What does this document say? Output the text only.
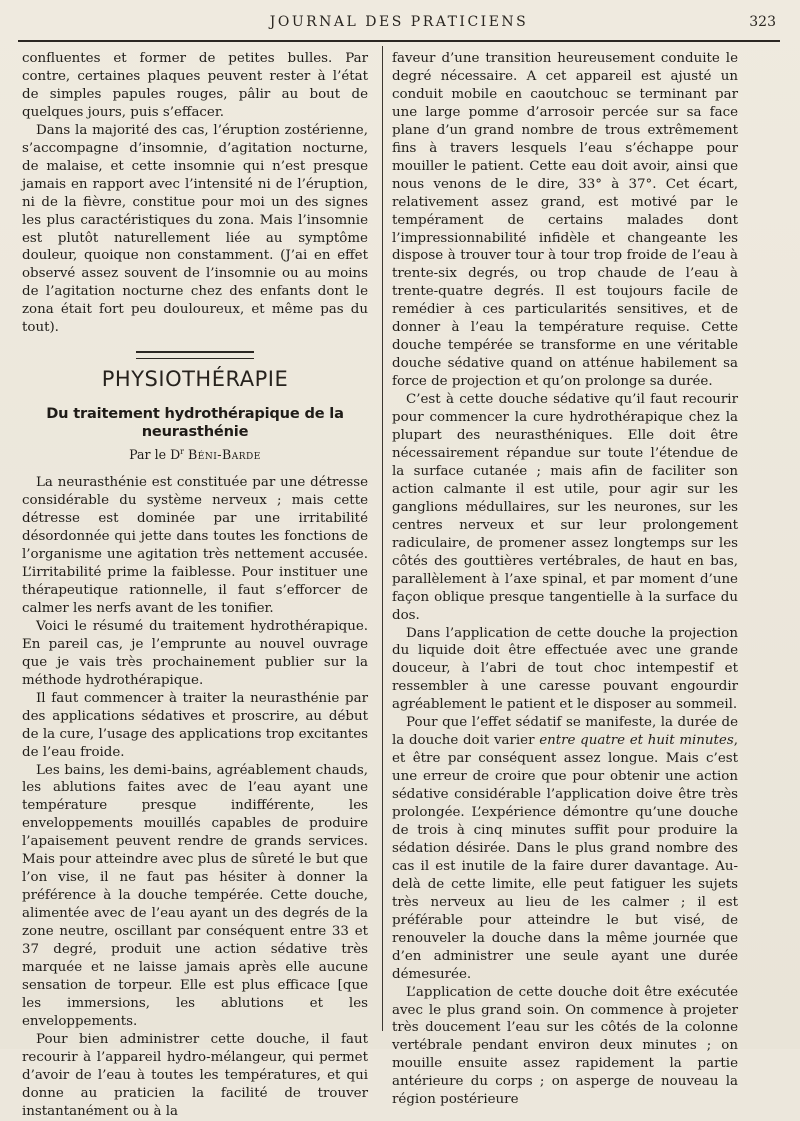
JOURNAL DES PRATICIENS	323

confluentes et former de petites bulles. Par contre, certaines plaques peuvent rester à l’état de simples papules rouges, pâlir au bout de quelques jours, puis s’effacer.

Dans la majorité des cas, l’éruption zostérienne, s’accompagne d’insomnie, d’agitation nocturne, de malaise, et cette insomnie qui n’est presque jamais en rapport avec l’intensité ni de l’éruption, ni de la fièvre, constitue pour moi un des signes les plus caractéristiques du zona. Mais l’insomnie est plutôt naturellement liée au symptôme douleur, quoique non constamment. (J’ai en effet observé assez souvent de l’insomnie ou au moins de l’agitation nocturne chez des enfants dont le zona était fort peu douloureux, et même pas du tout).

PHYSIOTHÉRAPIE
Du traitement hydrothérapique de la neurasthénie
Par le $D^r$ Béni-Barde

La neurasthénie est constituée par une détresse considérable du système nerveux ; mais cette détresse est dominée par une irritabilité désordonnée qui jette dans toutes les fonctions de l’organisme une agitation très nettement accusée. L’irritabilité prime la faiblesse. Pour instituer une thérapeutique rationnelle, il faut s’efforcer de calmer les nerfs avant de les tonifier.

Voici le résumé du traitement hydrothérapique. En pareil cas, je l’emprunte au nouvel ouvrage que je vais très prochainement publier sur la méthode hydrothérapique.

Il faut commencer à traiter la neurasthénie par des applications sédatives et proscrire, au début de la cure, l’usage des applications trop excitantes de l’eau froide.

Les bains, les demi-bains, agréablement chauds, les ablutions faites avec de l’eau ayant une température presque indifférente, les enveloppements mouillés capables de produire l’apaisement peuvent rendre de grands services. Mais pour atteindre avec plus de sûreté le but que l’on vise, il ne faut pas hésiter à donner la préférence à la douche tempérée. Cette douche, alimentée avec de l’eau ayant un des degrés de la zone neutre, oscillant par conséquent entre 33 et 37 degré, produit une action sédative très marquée et ne laisse jamais après elle aucune sensation de torpeur. Elle est plus efficace [que les immersions, les ablutions et les enveloppements.

Pour bien administrer cette douche, il faut recourir à l’appareil hydro-mélangeur, qui permet d’avoir de l’eau à toutes les températures, et qui donne au praticien la facilité de trouver instantanément ou à la

faveur d’une transition heureusement conduite le degré nécessaire. A cet appareil est ajusté un conduit mobile en caoutchouc se terminant par une large pomme d’arrosoir percée sur sa face plane d’un grand nombre de trous extrêmement fins à travers lesquels l’eau s’échappe pour mouiller le patient. Cette eau doit avoir, ainsi que nous venons de le dire, 33° à 37°. Cet écart, relativement assez grand, est motivé par le tempérament de certains malades dont l’impressionnabilité infidèle et changeante les dispose à trouver tour à tour trop froide de l’eau à trente-six degrés, ou trop chaude de l’eau à trente-quatre degrés. Il est toujours facile de remédier à ces particularités sensitives, et de donner à l’eau la température requise. Cette douche tempérée se transforme en une véritable douche sédative quand on atténue habilement sa force de projection et qu’on prolonge sa durée.

C’est à cette douche sédative qu’il faut recourir pour commencer la cure hydrothérapique chez la plupart des neurasthéniques. Elle doit être nécessairement répandue sur toute l’étendue de la surface cutanée ; mais afin de faciliter son action calmante il est utile, pour agir sur les ganglions médullaires, sur les neurones, sur les centres nerveux et sur leur prolongement radiculaire, de promener assez longtemps sur les côtés des gouttières vertébrales, de haut en bas, parallèlement à l’axe spinal, et par moment d’une façon oblique presque tangentielle à la surface du dos.

Dans l’application de cette douche la projection du liquide doit être effectuée avec une grande douceur, à l’abri de tout choc intempestif et ressembler à une caresse pouvant engourdir agréablement le patient et le disposer au sommeil.

Pour que l’effet sédatif se manifeste, la durée de la douche doit varier entre quatre et huit minutes, et être par conséquent assez longue. Mais c’est une erreur de croire que pour obtenir une action sédative considérable l’application doive être très prolongée. L’expérience démontre qu’une douche de trois à cinq minutes suffit pour produire la sédation désirée. Dans le plus grand nombre des cas il est inutile de la faire durer davantage. Au-delà de cette limite, elle peut fatiguer les sujets très nerveux au lieu de les calmer ; il est préférable pour atteindre le but visé, de renouveler la douche dans la même journée que d’en administrer une seule ayant une durée démesurée.

L’application de cette douche doit être exécutée avec le plus grand soin. On commence à projeter très doucement l’eau sur les côtés de la colonne vertébrale pendant environ deux minutes ; on mouille ensuite assez rapidement la partie antérieure du corps ; on asperge de nouveau la région postérieure
